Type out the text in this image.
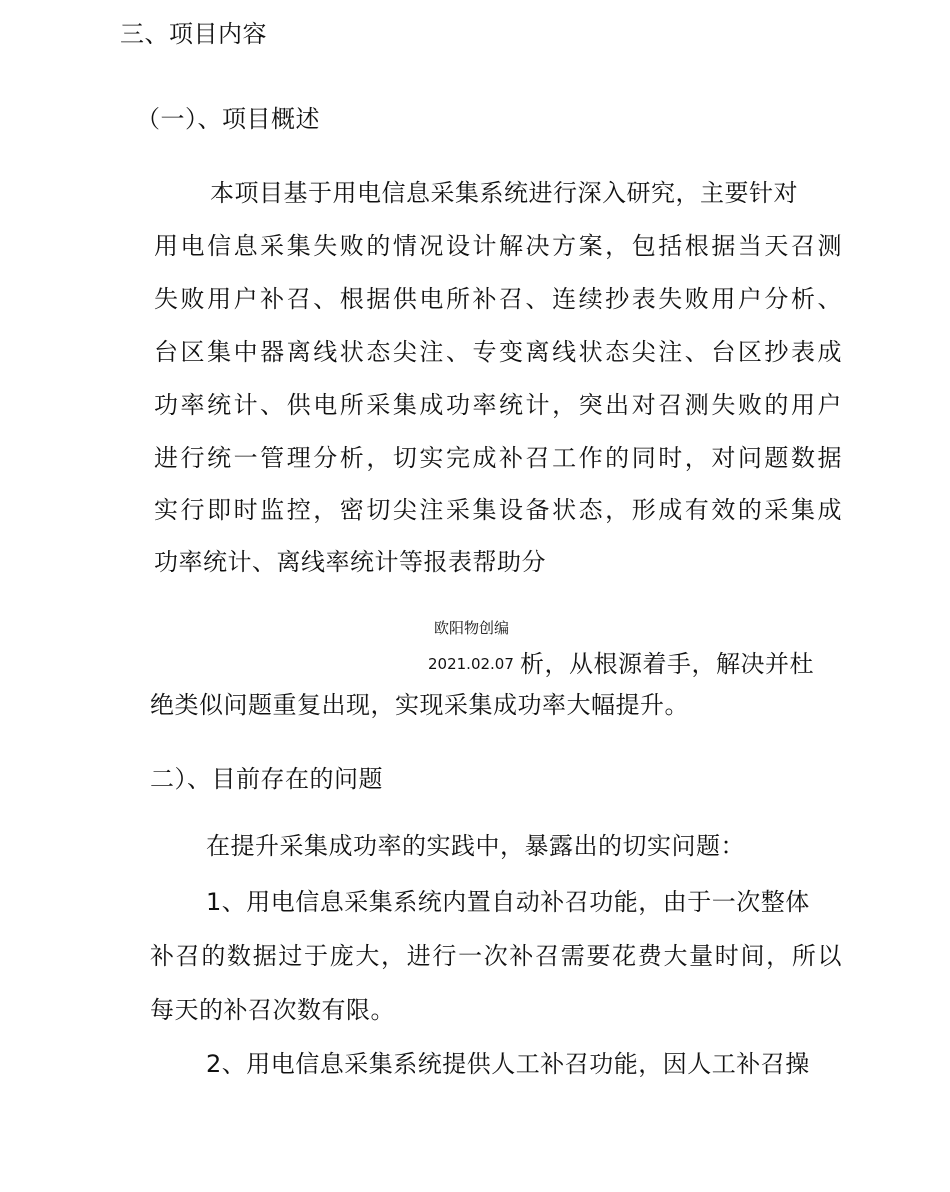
三、项目内容

（一）、项目概述

本项目基于用电信息采集系统进行深入研究，主要针对

用电信息采集失败的情况设计解决方案，包括根据当天召测

失败用户补召、根据供电所补召、连续抄表失败用户分析、

台区集中器离线状态尖注、专变离线状态尖注、台区抄表成

功率统计、供电所采集成功率统计，突出对召测失败的用户

进行统一管理分析，切实完成补召工作的同时，对问题数据

实行即时监控，密切尖注采集设备状态，形成有效的采集成

功率统计、离线率统计等报表帮助分

欧阳物创编

2021.02.07 析，从根源着手，解决并杜

绝类似问题重复出现，实现采集成功率大幅提升。

二）、目前存在的问题

在提升采集成功率的实践中，暴露出的切实问题：

1、用电信息采集系统内置自动补召功能，由于一次整体

补召的数据过于庞大，进行一次补召需要花费大量时间，所以

每天的补召次数有限。

2、用电信息采集系统提供人工补召功能，因人工补召操
